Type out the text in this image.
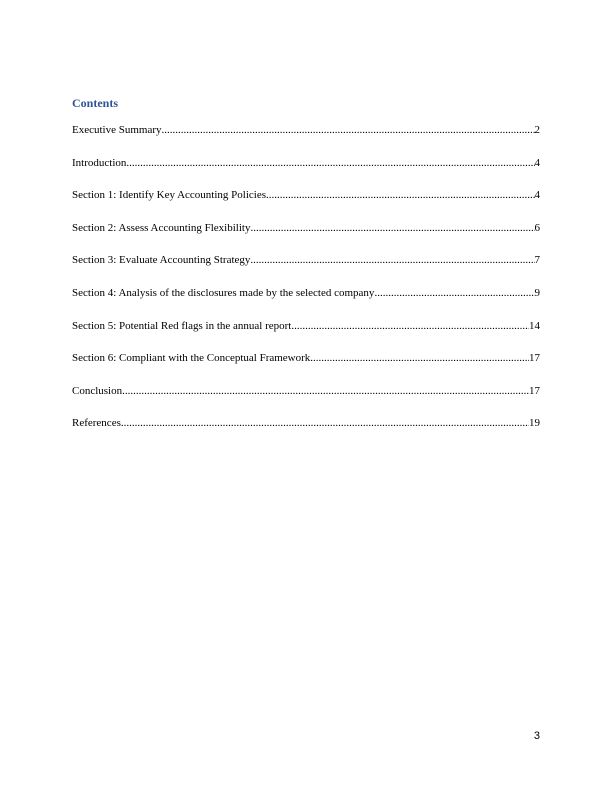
Contents
Executive Summary .....	2
Introduction .....	4
Section 1: Identify Key Accounting Policies .....	4
Section 2: Assess Accounting Flexibility .....	6
Section 3: Evaluate Accounting Strategy .....	7
Section 4: Analysis of the disclosures made by the selected company .....	9
Section 5: Potential Red flags in the annual report .....	14
Section 6: Compliant with the Conceptual Framework .....	17
Conclusion .....	17
References .....	19
3
